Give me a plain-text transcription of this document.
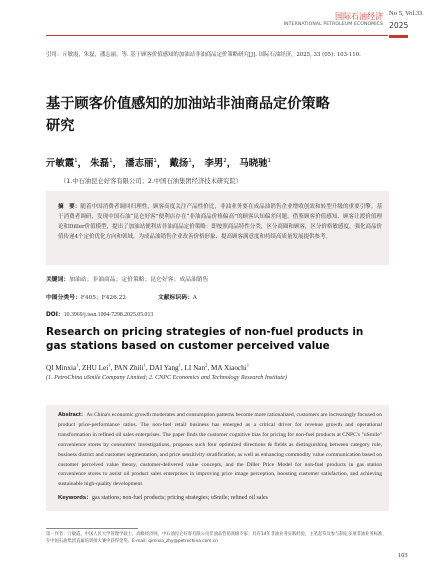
国际石油经济
INTERNATIONAL PETROLEUM ECONOMICS
No 5, Vol.33
2025
引用：亓敏霞，朱磊，潘志丽，等. 基于顾客价值感知的加油站非油商品定价策略研究[J]. 国际石油经济，2025, 33 (05): 103-110.
基于顾客价值感知的加油站非油商品定价策略
研究
亓敏霞$^1$， 朱磊$^1$， 潘志丽$^1$， 戴扬$^1$， 李男$^2$， 马晓驰$^1$
（1.中石油昆仑好客有限公司；2.中国石油集团经济技术研究院）
摘　要：随着中国消费者调回归理性，顾客高度关注产品性价比，非油业务要在成品油销售企业增收创效和转型升级的重要引擎。基于消费者调研，发现中国石油“昆仑好客”便利店存在“非油商品价格偏高”的顾客认知偏差问题。借鉴顾客价值感知、顾客让渡价值理论和Diller价值模型，提出了加油站便利店非油商品定价策略：即按照商品特性分类，区分商圈和顾客，区分价格敏感度，强化商品价值传递4个定价优化方向和领域，为成品油销售企业改善价格形象、提高顾客满意度和持续高质量发展提供参考。
关键词：加油站；非油商品；定价策略；昆仑好客；成品油销售
中图分类号：F405；F426.22	文献标识码：A
DOI：10.3969/j.issn.1004-7298.2025.05.013
Research on pricing strategies of non-fuel products in gas stations based on customer perceived value
QI Minxia$^1$, ZHU Lei$^1$, PAN Zhili$^1$, DAI Yang$^1$, LI Nan$^2$, MA Xiaochi$^1$
(1. PetroChina uSmile Company Limited; 2. CNPC Economics and Technology Research Institute)
Abstract：As China's economic growth moderates and consumption patterns become more rationalized, customers are increasingly focused on product price-performance ratios. The non-fuel retail business has emerged as a critical driver for revenue growth and operational transformation in refined oil sales enterprises. The paper finds the customer cognitive bias for pricing for non-fuel products at CNPC's "uSmile" convenience stores by consumers' investigations, proposes such four optimized directions & fields as distinguishing between category role, business district and customer segmentation, and price sensitivity stratification, as well as enhancing commodity value communication based on customer perceived value theory, customer-delivered value concepts, and the Diller Price Model for non-fuel products in gas station convenience stores to assist oil product sales enterprises in improving price image perception, boosting customer satisfaction, and achieving sustainable high-quality development.
Keywords：gas stations; non-fuel products; pricing strategies; uSmile; refined oil sales
第一作者：亓敏霞，中国人民大学管理学硕士，高级经济师，中石油昆仑好客有限公司非油品营销高级专家；具有14年非油业务实践经验，主笔起草及参与制定多项非油业务标准，在中国石油集团直属培训师大赛中获得金奖。E-mail: qimixia_zhy@petrochina.com.cn
103
